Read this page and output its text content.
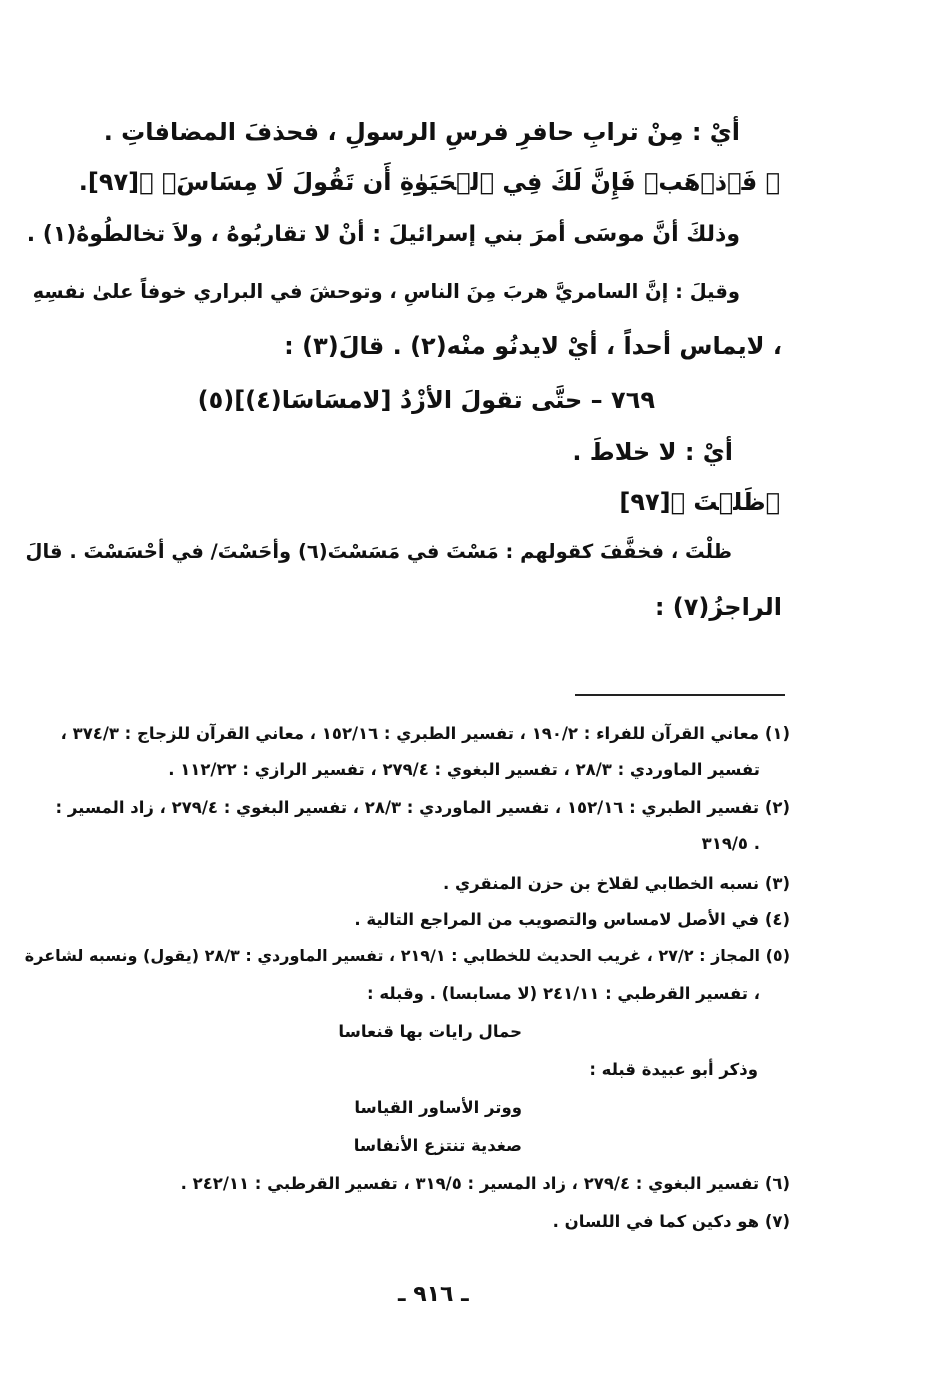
أيْ : مِنْ ترابِ حافرِ فرسِ الرسولِ ، فحذفَ المضافاتِ .
﴿ فَٱذۡهَبۡ فَإِنَّ لَكَ فِي ٱلۡحَيَوٰةِ أَن تَقُولَ لَا مِسَاسَۖ ﴾[٩٧].
وذلكَ أنَّ موسَى أمرَ بني إسرائيلَ : أنْ لا تقاربُوهُ ، ولاَ تخالطُوهُ(١) .
وقيلَ : إنَّ السامريَّ هربَ مِنَ الناسِ ، وتوحشَ في البراري خوفاً علىٰ نفسِهِ
، لايماس أحداً ، أيْ لايدنُو منْه(٢) . قالَ(٣) :
٧٦٩ – حتَّى تقولَ الأزْدُ [لامسَاسَا(٤)](٥)
أيْ : لا خلاطَ .
﴿ظَلۡتَ ﴾[٩٧]
ظلْتَ ، فخفَّفَ كقولهم : مَسْتَ في مَسَسْتَ(٦) وأحَسْتَ/ في أحْسَسْتَ . قالَ
الراجزُ(٧) :
(١) معاني القرآن للفراء : ١٩٠/٢ ، تفسير الطبري : ١٥٢/١٦ ، معاني القرآن للزجاج : ٣٧٤/٣ ،
تفسير الماوردي : ٢٨/٣ ، تفسير البغوي : ٢٧٩/٤ ، تفسير الرازي : ١١٢/٢٢ .
(٢) تفسير الطبري : ١٥٢/١٦ ، تفسير الماوردي : ٢٨/٣ ، تفسير البغوي : ٢٧٩/٤ ، زاد المسير :
٣١٩/٥ .
(٣) نسبه الخطابي لقلاخ بن حزن المنقري .
(٤) في الأصل لامساس والتصويب من المراجع التالية .
(٥) المجاز : ٢٧/٢ ، غريب الحديث للخطابي : ٢١٩/١ ، تفسير الماوردي : ٢٨/٣ (يقول) ونسبه لشاعرة
، تفسير القرطبي : ٢٤١/١١ (لا مسابسا) . وقبله :
حمال رايات بها قنعاسا
وذكر أبو عبيدة قبله :
ووتر الأساور القياسا
صغدية تنتزع الأنفاسا
(٦) تفسير البغوي : ٢٧٩/٤ ، زاد المسير : ٣١٩/٥ ، تفسير القرطبي : ٢٤٢/١١ .
(٧) هو دكين كما في اللسان .
ـ ٩١٦ ـ
